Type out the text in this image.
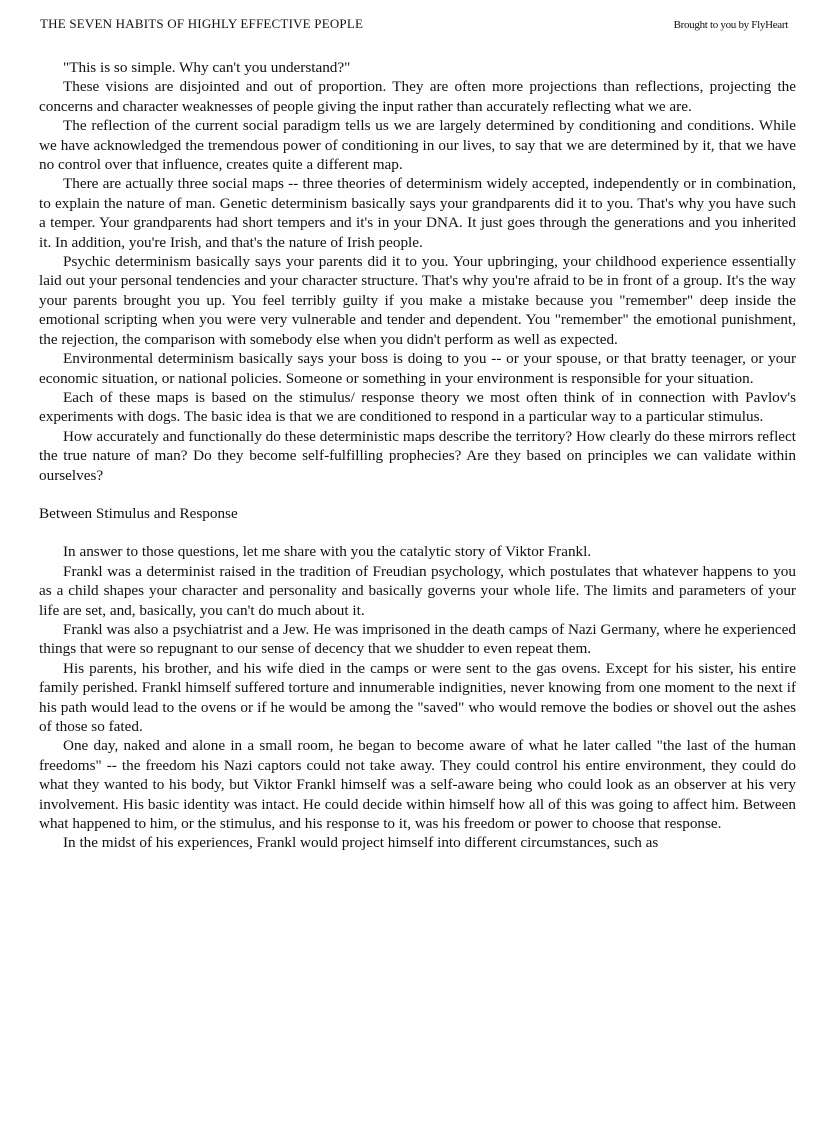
THE SEVEN HABITS OF HIGHLY EFFECTIVE PEOPLE	Brought to you by FlyHeart

"This is so simple. Why can't you understand?"

These visions are disjointed and out of proportion. They are often more projections than reflections, projecting the concerns and character weaknesses of people giving the input rather than accurately reflecting what we are.

The reflection of the current social paradigm tells us we are largely determined by conditioning and conditions. While we have acknowledged the tremendous power of conditioning in our lives, to say that we are determined by it, that we have no control over that influence, creates quite a different map.

There are actually three social maps -- three theories of determinism widely accepted, independently or in combination, to explain the nature of man. Genetic determinism basically says your grandparents did it to you. That's why you have such a temper. Your grandparents had short tempers and it's in your DNA. It just goes through the generations and you inherited it. In addition, you're Irish, and that's the nature of Irish people.

Psychic determinism basically says your parents did it to you. Your upbringing, your childhood experience essentially laid out your personal tendencies and your character structure. That's why you're afraid to be in front of a group. It's the way your parents brought you up. You feel terribly guilty if you make a mistake because you "remember" deep inside the emotional scripting when you were very vulnerable and tender and dependent. You "remember" the emotional punishment, the rejection, the comparison with somebody else when you didn't perform as well as expected.

Environmental determinism basically says your boss is doing to you -- or your spouse, or that bratty teenager, or your economic situation, or national policies. Someone or something in your environment is responsible for your situation.

Each of these maps is based on the stimulus/ response theory we most often think of in connection with Pavlov's experiments with dogs. The basic idea is that we are conditioned to respond in a particular way to a particular stimulus.

How accurately and functionally do these deterministic maps describe the territory? How clearly do these mirrors reflect the true nature of man? Do they become self-fulfilling prophecies? Are they based on principles we can validate within ourselves?

Between Stimulus and Response

In answer to those questions, let me share with you the catalytic story of Viktor Frankl.

Frankl was a determinist raised in the tradition of Freudian psychology, which postulates that whatever happens to you as a child shapes your character and personality and basically governs your whole life. The limits and parameters of your life are set, and, basically, you can't do much about it.

Frankl was also a psychiatrist and a Jew. He was imprisoned in the death camps of Nazi Germany, where he experienced things that were so repugnant to our sense of decency that we shudder to even repeat them.

His parents, his brother, and his wife died in the camps or were sent to the gas ovens. Except for his sister, his entire family perished. Frankl himself suffered torture and innumerable indignities, never knowing from one moment to the next if his path would lead to the ovens or if he would be among the "saved" who would remove the bodies or shovel out the ashes of those so fated.

One day, naked and alone in a small room, he began to become aware of what he later called "the last of the human freedoms" -- the freedom his Nazi captors could not take away. They could control his entire environment, they could do what they wanted to his body, but Viktor Frankl himself was a self-aware being who could look as an observer at his very involvement. His basic identity was intact. He could decide within himself how all of this was going to affect him. Between what happened to him, or the stimulus, and his response to it, was his freedom or power to choose that response.

In the midst of his experiences, Frankl would project himself into different circumstances, such as
